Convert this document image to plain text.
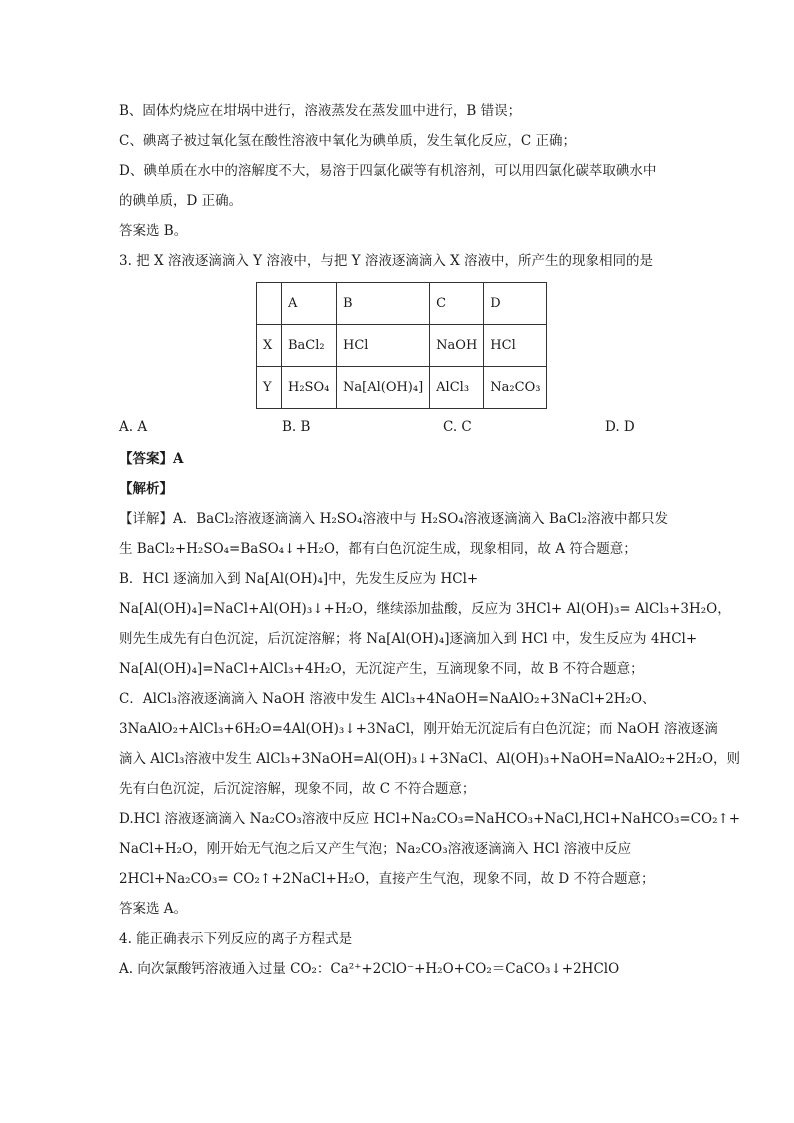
B、固体灼烧应在坩埚中进行，溶液蒸发在蒸发皿中进行，B 错误；
C、碘离子被过氧化氢在酸性溶液中氧化为碘单质，发生氧化反应，C 正确；
D、碘单质在水中的溶解度不大，易溶于四氯化碳等有机溶剂，可以用四氯化碳萃取碘水中
的碘单质，D 正确。
答案选 B。
3. 把 X 溶液逐滴滴入 Y 溶液中，与把 Y 溶液逐滴滴入 X 溶液中，所产生的现象相同的是
	A	B	C	D
X	BaCl₂	HCl	NaOH	HCl
Y	H₂SO₄	Na[Al(OH)₄]	AlCl₃	Na₂CO₃
A. A	B. B	C. C	D. D
【答案】A
【解析】
【详解】A．BaCl₂溶液逐滴滴入 H₂SO₄溶液中与 H₂SO₄溶液逐滴滴入 BaCl₂溶液中都只发
生 BaCl₂+H₂SO₄=BaSO₄↓+H₂O，都有白色沉淀生成，现象相同，故 A 符合题意；
B．HCl 逐滴加入到 Na[Al(OH)₄]中，先发生反应为 HCl+
Na[Al(OH)₄]=NaCl+Al(OH)₃↓+H₂O，继续添加盐酸，反应为 3HCl+ Al(OH)₃= AlCl₃+3H₂O，
则先生成先有白色沉淀，后沉淀溶解；将 Na[Al(OH)₄]逐滴加入到 HCl 中，发生反应为 4HCl+
Na[Al(OH)₄]=NaCl+AlCl₃+4H₂O，无沉淀产生，互滴现象不同，故 B 不符合题意；
C．AlCl₃溶液逐滴滴入 NaOH 溶液中发生 AlCl₃+4NaOH=NaAlO₂+3NaCl+2H₂O、
3NaAlO₂+AlCl₃+6H₂O=4Al(OH)₃↓+3NaCl，刚开始无沉淀后有白色沉淀；而 NaOH 溶液逐滴
滴入 AlCl₃溶液中发生 AlCl₃+3NaOH=Al(OH)₃↓+3NaCl、Al(OH)₃+NaOH=NaAlO₂+2H₂O，则
先有白色沉淀，后沉淀溶解，现象不同，故 C 不符合题意；
D.HCl 溶液逐滴滴入 Na₂CO₃溶液中反应 HCl+Na₂CO₃=NaHCO₃+NaCl,HCl+NaHCO₃=CO₂↑+
NaCl+H₂O，刚开始无气泡之后又产生气泡；Na₂CO₃溶液逐滴滴入 HCl 溶液中反应
2HCl+Na₂CO₃= CO₂↑+2NaCl+H₂O，直接产生气泡，现象不同，故 D 不符合题意；
答案选 A。
4. 能正确表示下列反应的离子方程式是
A. 向次氯酸钙溶液通入过量 CO₂：Ca²⁺+2ClO⁻+H₂O+CO₂＝CaCO₃↓+2HClO
